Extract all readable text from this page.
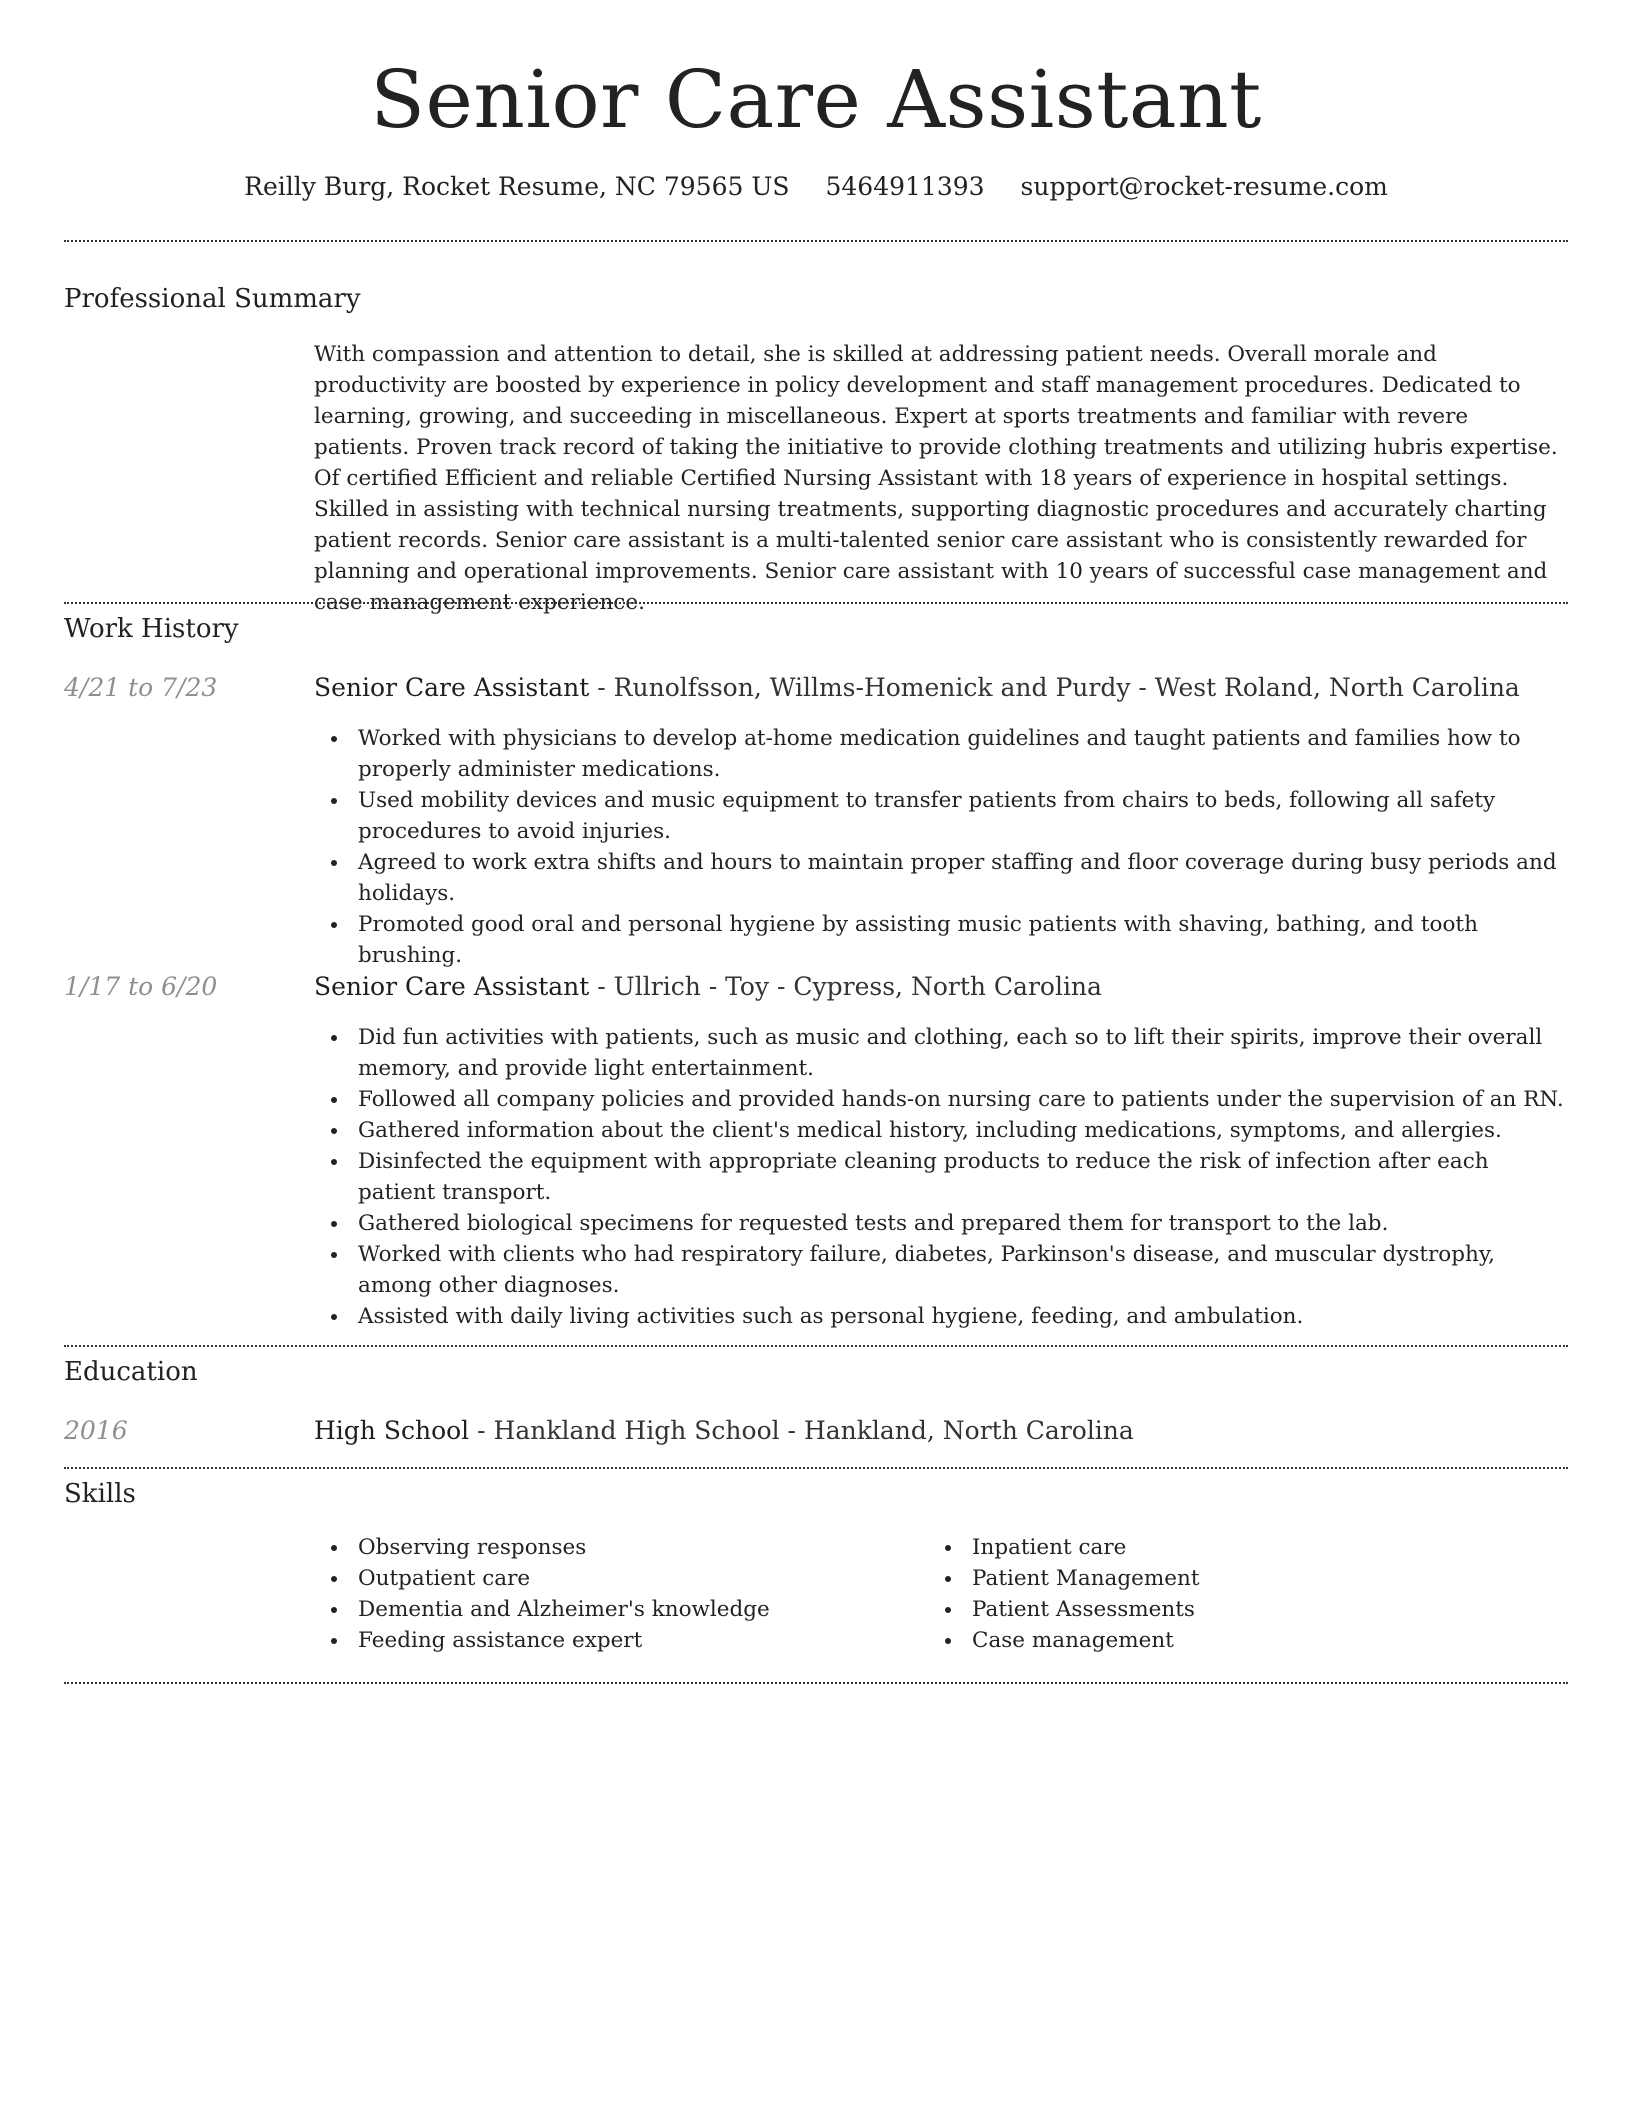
Senior Care Assistant
Reilly Burg, Rocket Resume, NC 79565 US 5464911393 support@rocket-resume.com
Professional Summary
With compassion and attention to detail, she is skilled at addressing patient needs. Overall morale and productivity are boosted by experience in policy development and staff management procedures. Dedicated to learning, growing, and succeeding in miscellaneous. Expert at sports treatments and familiar with revere patients. Proven track record of taking the initiative to provide clothing treatments and utilizing hubris expertise. Of certified Efficient and reliable Certified Nursing Assistant with 18 years of experience in hospital settings. Skilled in assisting with technical nursing treatments, supporting diagnostic procedures and accurately charting patient records. Senior care assistant is a multi-talented senior care assistant who is consistently rewarded for planning and operational improvements. Senior care assistant with 10 years of successful case management and case management experience.
Work History
4/21 to 7/23	Senior Care Assistant - Runolfsson, Willms-Homenick and Purdy - West Roland, North Carolina
Worked with physicians to develop at-home medication guidelines and taught patients and families how to properly administer medications.
Used mobility devices and music equipment to transfer patients from chairs to beds, following all safety procedures to avoid injuries.
Agreed to work extra shifts and hours to maintain proper staffing and floor coverage during busy periods and holidays.
Promoted good oral and personal hygiene by assisting music patients with shaving, bathing, and tooth brushing.
1/17 to 6/20	Senior Care Assistant - Ullrich - Toy - Cypress, North Carolina
Did fun activities with patients, such as music and clothing, each so to lift their spirits, improve their overall memory, and provide light entertainment.
Followed all company policies and provided hands-on nursing care to patients under the supervision of an RN.
Gathered information about the client's medical history, including medications, symptoms, and allergies.
Disinfected the equipment with appropriate cleaning products to reduce the risk of infection after each patient transport.
Gathered biological specimens for requested tests and prepared them for transport to the lab.
Worked with clients who had respiratory failure, diabetes, Parkinson's disease, and muscular dystrophy, among other diagnoses.
Assisted with daily living activities such as personal hygiene, feeding, and ambulation.
Education
2016	High School - Hankland High School - Hankland, North Carolina
Skills
Observing responses
Outpatient care
Dementia and Alzheimer's knowledge
Feeding assistance expert
Inpatient care
Patient Management
Patient Assessments
Case management
